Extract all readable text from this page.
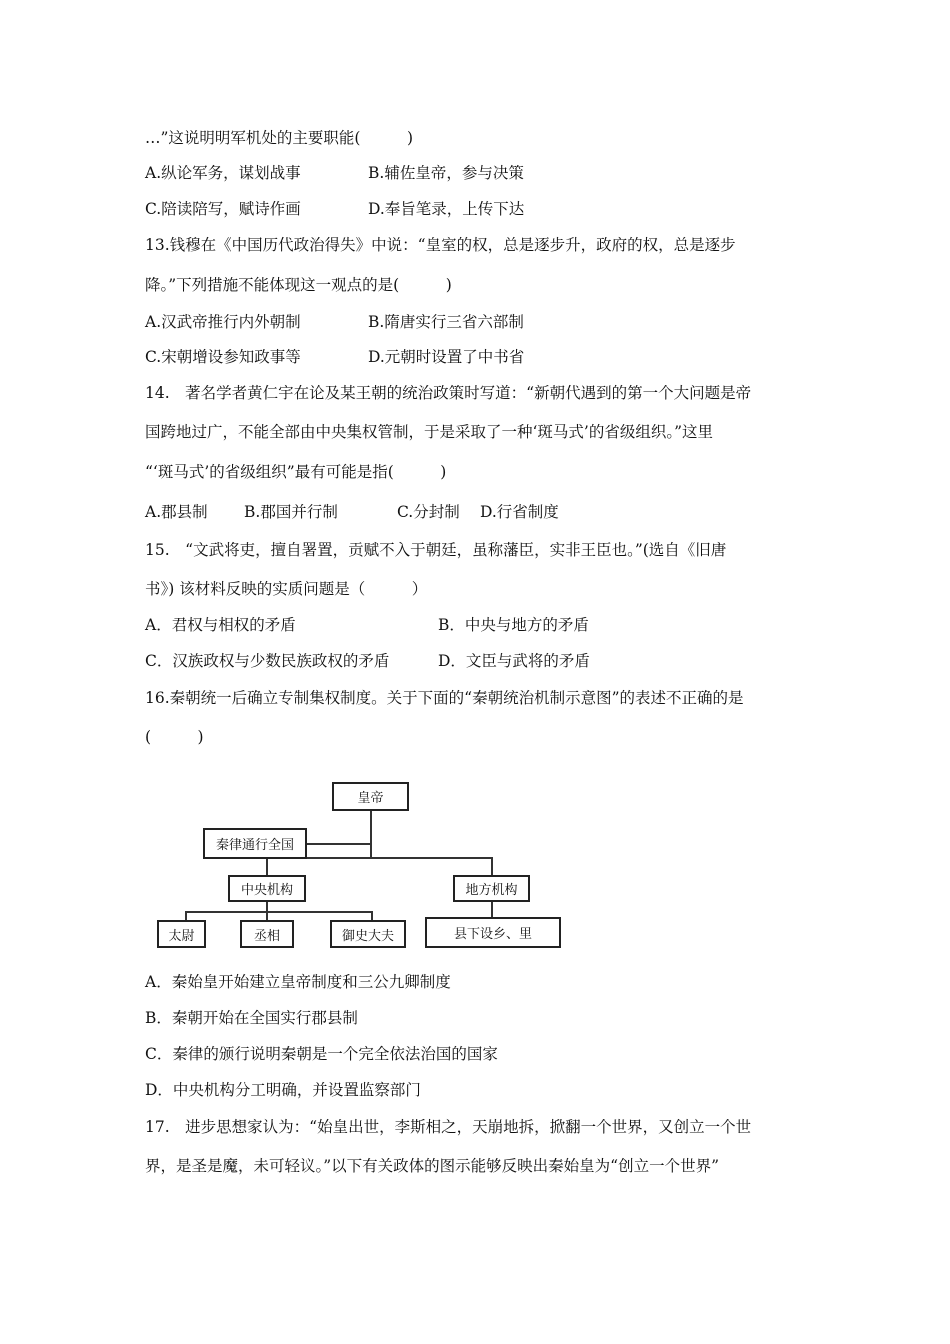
…”这说明明军机处的主要职能(　　　)
A.纵论军务，谋划战事	B.辅佐皇帝，参与决策
C.陪读陪写，赋诗作画	D.奉旨笔录，上传下达
13.钱穆在《中国历代政治得失》中说：“皇室的权，总是逐步升，政府的权，总是逐步
降。”下列措施不能体现这一观点的是(　　　)
A.汉武帝推行内外朝制	B.隋唐实行三省六部制
C.宋朝增设参知政事等	D.元朝时设置了中书省
14.　著名学者黄仁宇在论及某王朝的统治政策时写道：“新朝代遇到的第一个大问题是帝
国跨地过广，不能全部由中央集权管制，于是采取了一种‘斑马式’的省级组织。”这里
“‘斑马式’的省级组织”最有可能是指(　　　)
A.郡县制 B.郡国并行制	C.分封制 D.行省制度
15.　“文武将吏，擅自署置，贡赋不入于朝廷，虽称藩臣，实非王臣也。”(选自《旧唐
书》) 该材料反映的实质问题是（　　　）
A．君权与相权的矛盾	B．中央与地方的矛盾
C．汉族政权与少数民族政权的矛盾	D．文臣与武将的矛盾
16.秦朝统一后确立专制集权制度。关于下面的“秦朝统治机制示意图”的表述不正确的是
(　　　)
皇帝
秦律通行全国
中央机构	地方机构
太尉	丞相	御史大夫	县下设乡、里
A．秦始皇开始建立皇帝制度和三公九卿制度
B．秦朝开始在全国实行郡县制
C．秦律的颁行说明秦朝是一个完全依法治国的国家
D．中央机构分工明确，并设置监察部门
17.　进步思想家认为：“始皇出世，李斯相之，天崩地拆，掀翻一个世界，又创立一个世
界，是圣是魔，未可轻议。”以下有关政体的图示能够反映出秦始皇为“创立一个世界”
